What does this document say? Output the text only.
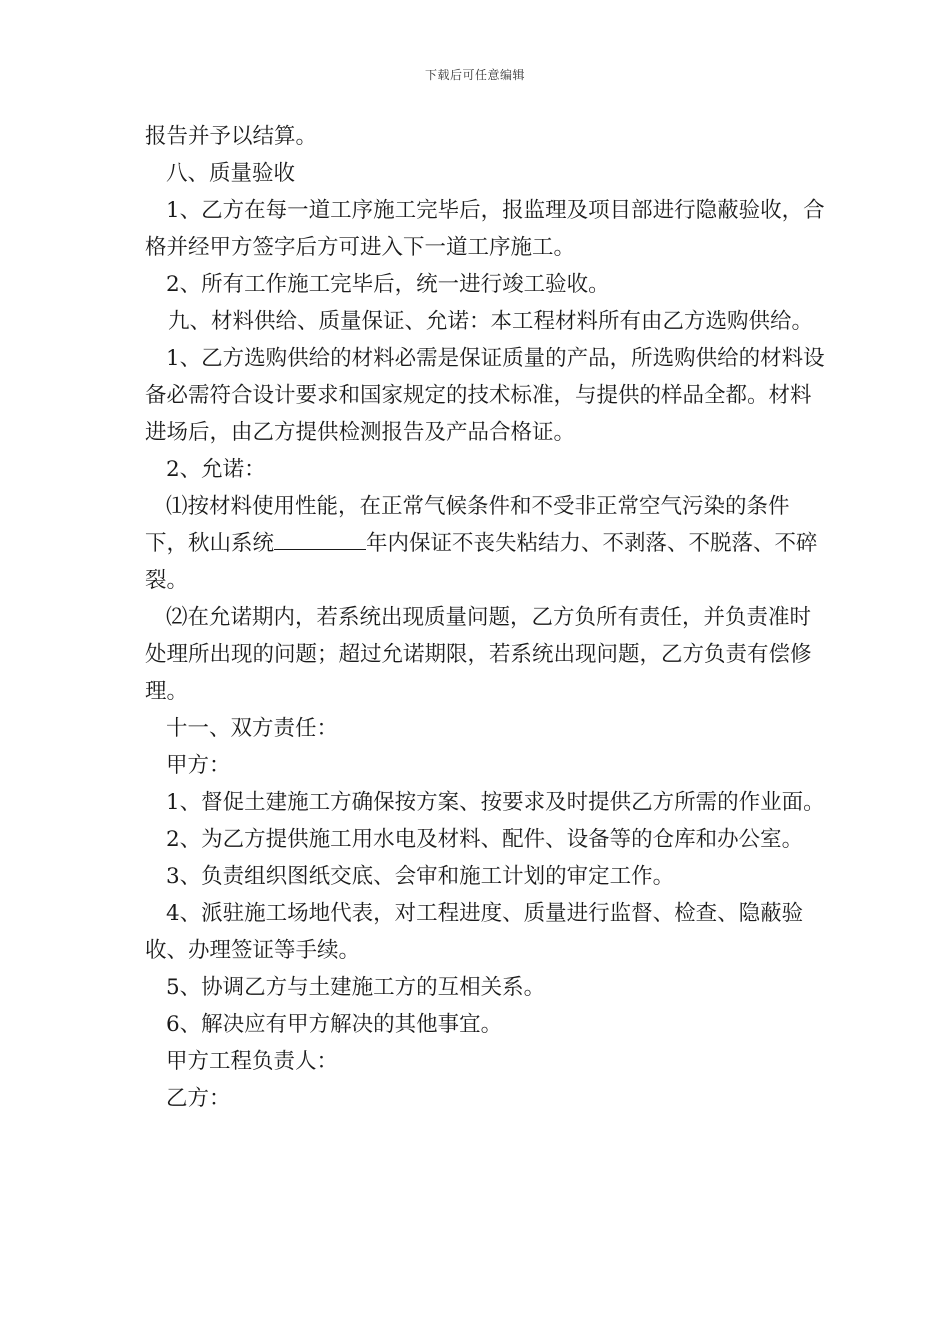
下载后可任意编辑

报告并予以结算。

八、质量验收

1、乙方在每一道工序施工完毕后，报监理及项目部进行隐蔽验收，合格并经甲方签字后方可进入下一道工序施工。

2、所有工作施工完毕后，统一进行竣工验收。

九、材料供给、质量保证、允诺：本工程材料所有由乙方选购供给。

1、乙方选购供给的材料必需是保证质量的产品，所选购供给的材料设备必需符合设计要求和国家规定的技术标准，与提供的样品全都。材料进场后，由乙方提供检测报告及产品合格证。

2、允诺：

⑴按材料使用性能，在正常气候条件和不受非正常空气污染的条件下，秋山系统	年内保证不丧失粘结力、不剥落、不脱落、不碎裂。

⑵在允诺期内，若系统出现质量问题，乙方负所有责任，并负责准时处理所出现的问题；超过允诺期限，若系统出现问题，乙方负责有偿修理。

十一、双方责任：

甲方：

1、督促土建施工方确保按方案、按要求及时提供乙方所需的作业面。

2、为乙方提供施工用水电及材料、配件、设备等的仓库和办公室。

3、负责组织图纸交底、会审和施工计划的审定工作。

4、派驻施工场地代表，对工程进度、质量进行监督、检查、隐蔽验收、办理签证等手续。

5、协调乙方与土建施工方的互相关系。

6、解决应有甲方解决的其他事宜。

甲方工程负责人：

乙方：
